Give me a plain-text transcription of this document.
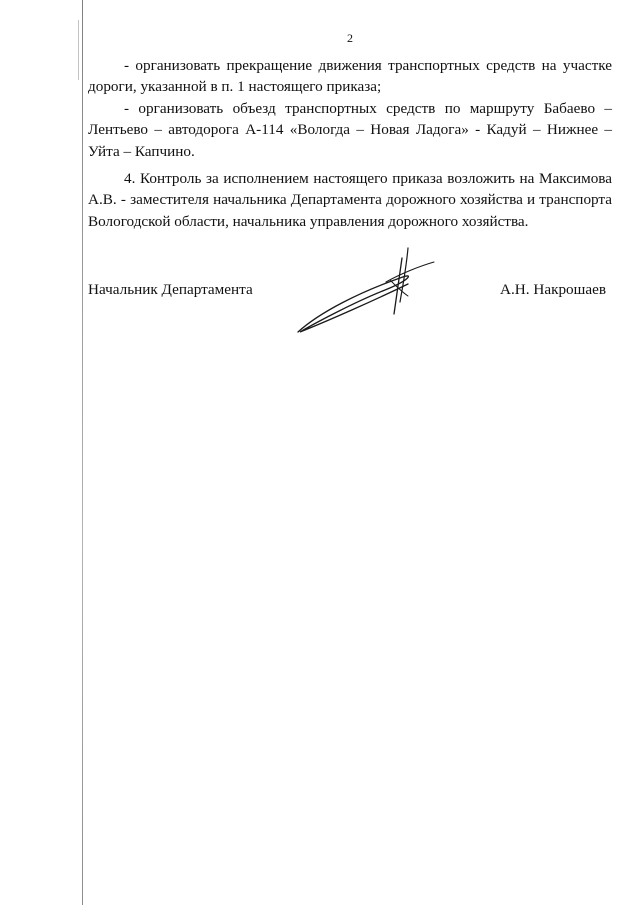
2

- организовать прекращение движения транспортных средств на участке дороги, указанной в п. 1 настоящего приказа;

- организовать объезд транспортных средств по маршруту Бабаево – Лентьево – автодорога А-114 «Вологда – Новая Ладога» - Кадуй – Нижнее – Уйта – Капчино.

4. Контроль за исполнением настоящего приказа возложить на Максимова А.В. - заместителя начальника Департамента дорожного хозяйства и транспорта Вологодской области, начальника управления дорожного хозяйства.

Начальник Департамента	А.Н. Накрошаев
